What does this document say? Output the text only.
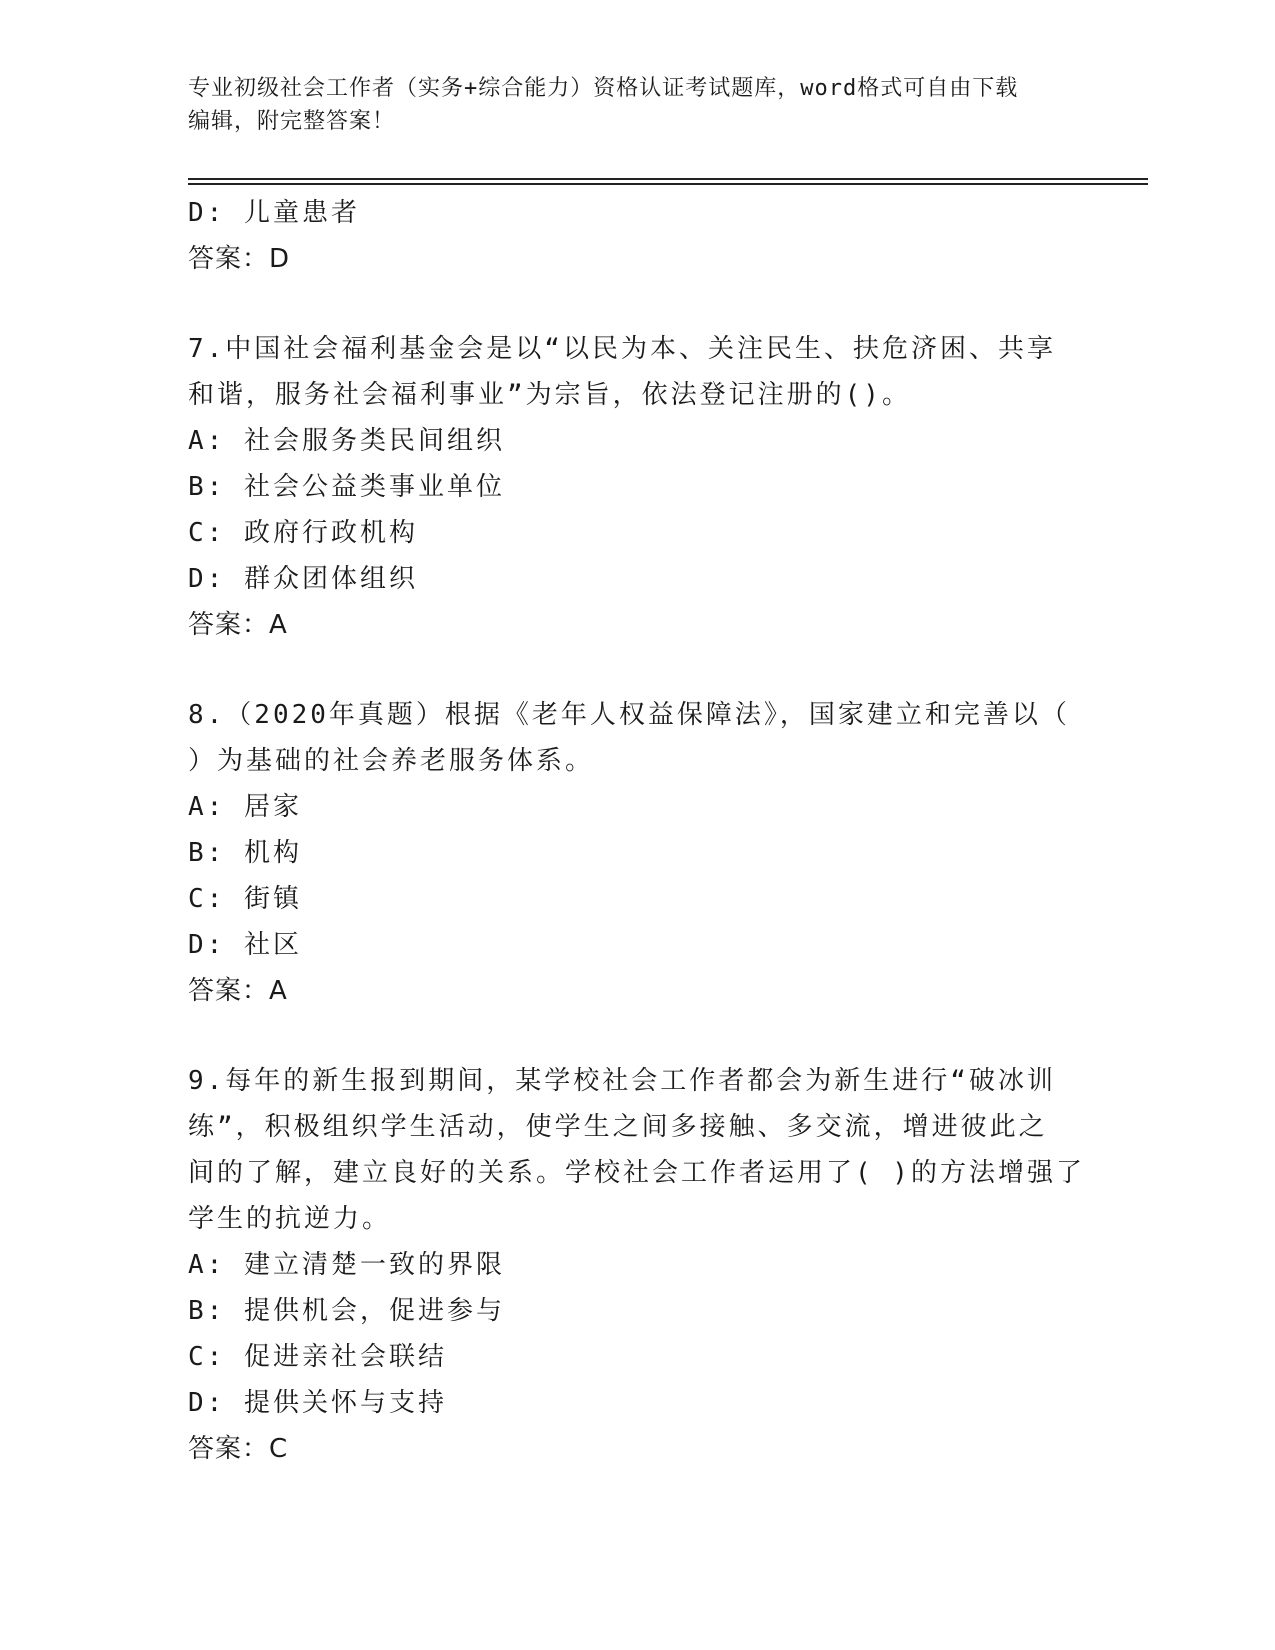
专业初级社会工作者（实务+综合能力）资格认证考试题库，word格式可自由下载
编辑，附完整答案！
D: 儿童患者
答案：D
7.中国社会福利基金会是以“以民为本、关注民生、扶危济困、共享
和谐，服务社会福利事业”为宗旨，依法登记注册的()。
A: 社会服务类民间组织
B: 社会公益类事业单位
C: 政府行政机构
D: 群众团体组织
答案：A
8.（2020年真题）根据《老年人权益保障法》，国家建立和完善以（
）为基础的社会养老服务体系。
A: 居家
B: 机构
C: 街镇
D: 社区
答案：A
9.每年的新生报到期间，某学校社会工作者都会为新生进行“破冰训
练”，积极组织学生活动，使学生之间多接触、多交流，增进彼此之
间的了解，建立良好的关系。学校社会工作者运用了( )的方法增强了
学生的抗逆力。
A: 建立清楚一致的界限
B: 提供机会，促进参与
C: 促进亲社会联结
D: 提供关怀与支持
答案：C
